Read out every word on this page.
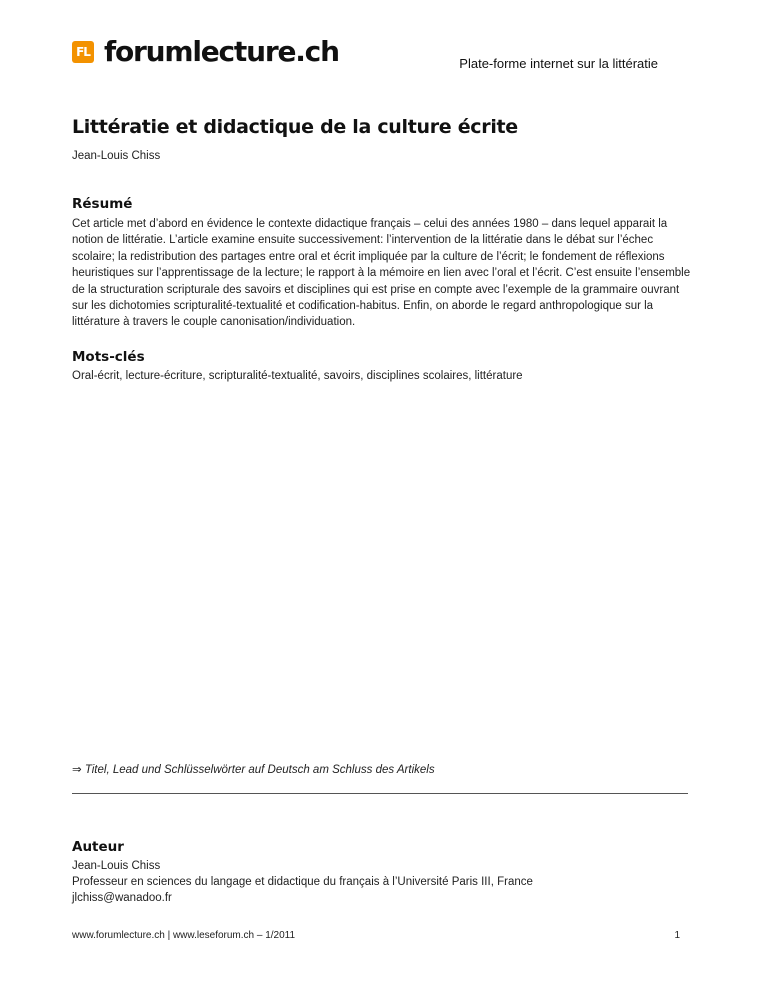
FL forumlecture.ch	Plate-forme internet sur la littératie
Littératie et didactique de la culture écrite
Jean-Louis Chiss
Résumé
Cet article met d’abord en évidence le contexte didactique français – celui des années 1980 – dans lequel apparait la notion de littératie. L’article examine ensuite successivement: l’intervention de la littératie dans le débat sur l’échec scolaire; la redistribution des partages entre oral et écrit impliquée par la culture de l’écrit; le fondement de réflexions heuristiques sur l’apprentissage de la lecture; le rapport à la mémoire en lien avec l’oral et l’écrit. C’est ensuite l’ensemble de la structuration scripturale des savoirs et disciplines qui est prise en compte avec l’exemple de la grammaire ouvrant sur les dichotomies scripturalité-textualité et codification-habitus. Enfin, on aborde le regard anthropologique sur la littérature à travers le couple canonisation/individuation.
Mots-clés
Oral-écrit, lecture-écriture, scripturalité-textualité, savoirs, disciplines scolaires, littérature
⇒ Titel, Lead und Schlüsselwörter auf Deutsch am Schluss des Artikels
Auteur
Jean-Louis Chiss
Professeur en sciences du langage et didactique du français à l’Université Paris III, France
jlchiss@wanadoo.fr
www.forumlecture.ch | www.leseforum.ch – 1/2011	1
